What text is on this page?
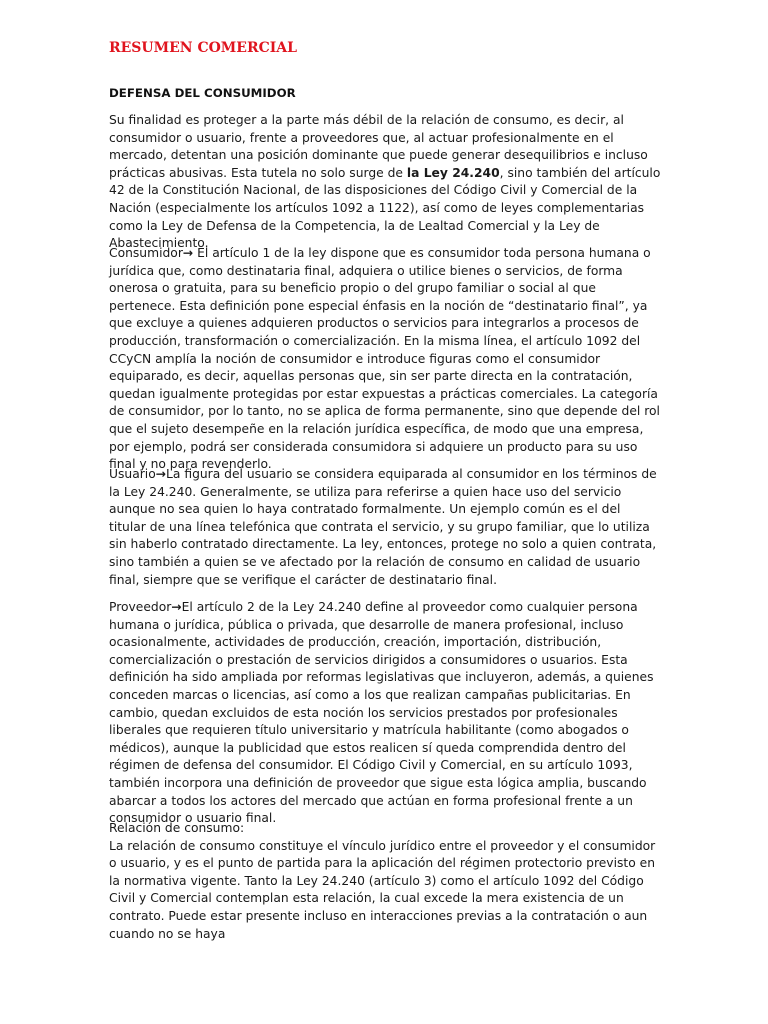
RESUMEN COMERCIAL
DEFENSA DEL CONSUMIDOR

Su finalidad es proteger a la parte más débil de la relación de consumo, es decir, al consumidor o usuario, frente a proveedores que, al actuar profesionalmente en el mercado, detentan una posición dominante que puede generar desequilibrios e incluso prácticas abusivas. Esta tutela no solo surge de la Ley 24.240, sino también del artículo 42 de la Constitución Nacional, de las disposiciones del Código Civil y Comercial de la Nación (especialmente los artículos 1092 a 1122), así como de leyes complementarias como la Ley de Defensa de la Competencia, la de Lealtad Comercial y la Ley de Abastecimiento.

Consumidor→ El artículo 1 de la ley dispone que es consumidor toda persona humana o jurídica que, como destinataria final, adquiera o utilice bienes o servicios, de forma onerosa o gratuita, para su beneficio propio o del grupo familiar o social al que pertenece. Esta definición pone especial énfasis en la noción de “destinatario final”, ya que excluye a quienes adquieren productos o servicios para integrarlos a procesos de producción, transformación o comercialización. En la misma línea, el artículo 1092 del CCyCN amplía la noción de consumidor e introduce figuras como el consumidor equiparado, es decir, aquellas personas que, sin ser parte directa en la contratación, quedan igualmente protegidas por estar expuestas a prácticas comerciales. La categoría de consumidor, por lo tanto, no se aplica de forma permanente, sino que depende del rol que el sujeto desempeñe en la relación jurídica específica, de modo que una empresa, por ejemplo, podrá ser considerada consumidora si adquiere un producto para su uso final y no para revenderlo.

Usuario→La figura del usuario se considera equiparada al consumidor en los términos de la Ley 24.240. Generalmente, se utiliza para referirse a quien hace uso del servicio aunque no sea quien lo haya contratado formalmente. Un ejemplo común es el del titular de una línea telefónica que contrata el servicio, y su grupo familiar, que lo utiliza sin haberlo contratado directamente. La ley, entonces, protege no solo a quien contrata, sino también a quien se ve afectado por la relación de consumo en calidad de usuario final, siempre que se verifique el carácter de destinatario final.

Proveedor→El artículo 2 de la Ley 24.240 define al proveedor como cualquier persona humana o jurídica, pública o privada, que desarrolle de manera profesional, incluso ocasionalmente, actividades de producción, creación, importación, distribución, comercialización o prestación de servicios dirigidos a consumidores o usuarios. Esta definición ha sido ampliada por reformas legislativas que incluyeron, además, a quienes conceden marcas o licencias, así como a los que realizan campañas publicitarias. En cambio, quedan excluidos de esta noción los servicios prestados por profesionales liberales que requieren título universitario y matrícula habilitante (como abogados o médicos), aunque la publicidad que estos realicen sí queda comprendida dentro del régimen de defensa del consumidor. El Código Civil y Comercial, en su artículo 1093, también incorpora una definición de proveedor que sigue esta lógica amplia, buscando abarcar a todos los actores del mercado que actúan en forma profesional frente a un consumidor o usuario final.

Relación de consumo:
La relación de consumo constituye el vínculo jurídico entre el proveedor y el consumidor o usuario, y es el punto de partida para la aplicación del régimen protectorio previsto en la normativa vigente. Tanto la Ley 24.240 (artículo 3) como el artículo 1092 del Código Civil y Comercial contemplan esta relación, la cual excede la mera existencia de un contrato. Puede estar presente incluso en interacciones previas a la contratación o aun cuando no se haya
